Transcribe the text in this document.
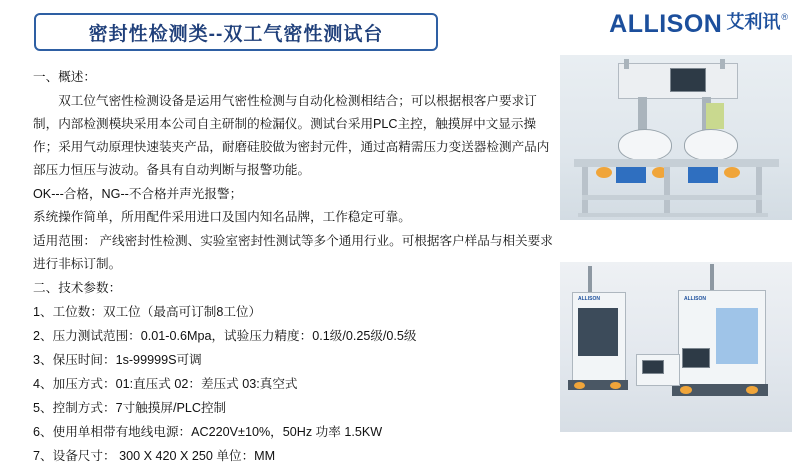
密封性检测类--双工气密性测试台	ALLISON 艾利讯 ®

一、概述：

双工位气密性检测设备是运用气密性检测与自动化检测相结合；可以根据根客户要求订制，内部检测模块采用本公司自主研制的检漏仪。测试台采用PLC主控，触摸屏中文显示操作；采用气动原理快速装夹产品，耐磨硅胶做为密封元件，通过高精需压力变送器检测产品内部压力恒压与波动。备具有自动判断与报警功能。

OK---合格，NG--不合格并声光报警；

系统操作简单，所用配件采用进口及国内知名品牌，工作稳定可靠。

适用范围： 产线密封性检测、实验室密封性测试等多个通用行业。可根据客户样品与相关要求进行非标订制。

二、技术参数：

1、工位数：双工位（最高可订制8工位）

2、压力测试范围：0.01-0.6Mpa，试验压力精度：0.1级/0.25级/0.5级

3、保压时间：1s-99999S可调

4、加压方式：01:直压式 02：差压式 03:真空式

5、控制方式：7寸触摸屏/PLC控制

6、使用单相带有地线电源：AC220V±10%，50Hz 功率 1.5KW

7、设备尺寸： 300 X 420 X 250 单位：MM

ALLISON	ALLISON
